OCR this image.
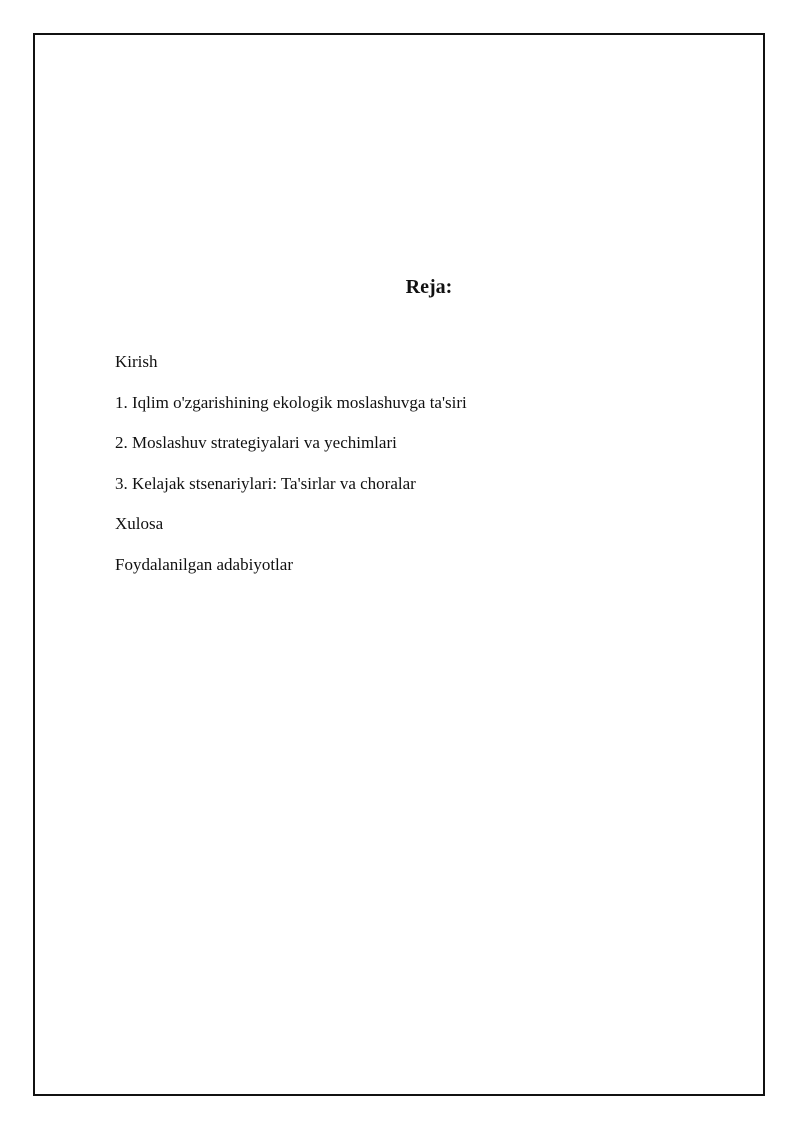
Reja:
Kirish
1. Iqlim o'zgarishining ekologik moslashuvga ta'siri
2. Moslashuv strategiyalari va yechimlari
3. Kelajak stsenariylari: Ta'sirlar va choralar
Xulosa
Foydalanilgan adabiyotlar
